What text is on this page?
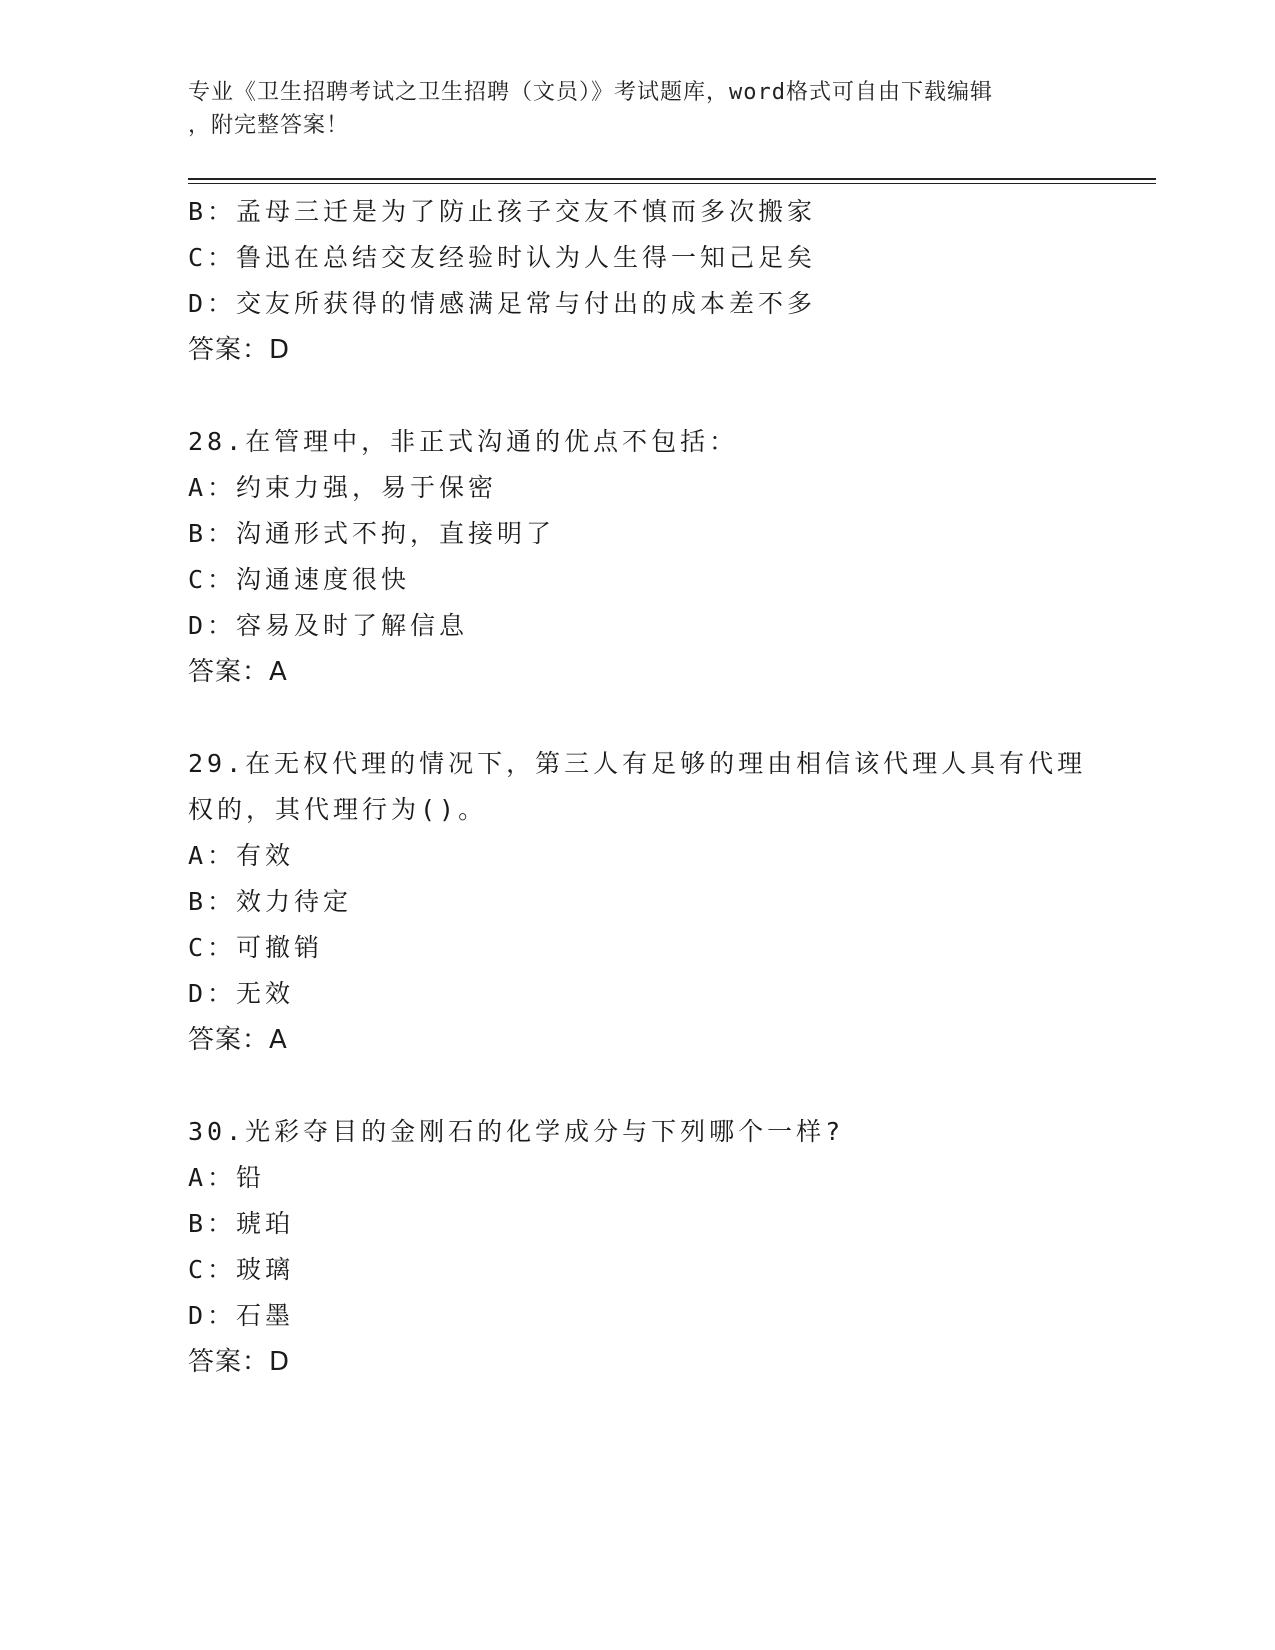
专业《卫生招聘考试之卫生招聘（文员）》考试题库，word格式可自由下载编辑
，附完整答案！
B：孟母三迁是为了防止孩子交友不慎而多次搬家
C：鲁迅在总结交友经验时认为人生得一知己足矣
D：交友所获得的情感满足常与付出的成本差不多
答案：D
28.在管理中，非正式沟通的优点不包括：
A：约束力强，易于保密
B：沟通形式不拘，直接明了
C：沟通速度很快
D：容易及时了解信息
答案：A
29.在无权代理的情况下，第三人有足够的理由相信该代理人具有代理
权的，其代理行为()。
A：有效
B：效力待定
C：可撤销
D：无效
答案：A
30.光彩夺目的金刚石的化学成分与下列哪个一样?
A：铅
B：琥珀
C：玻璃
D：石墨
答案：D
